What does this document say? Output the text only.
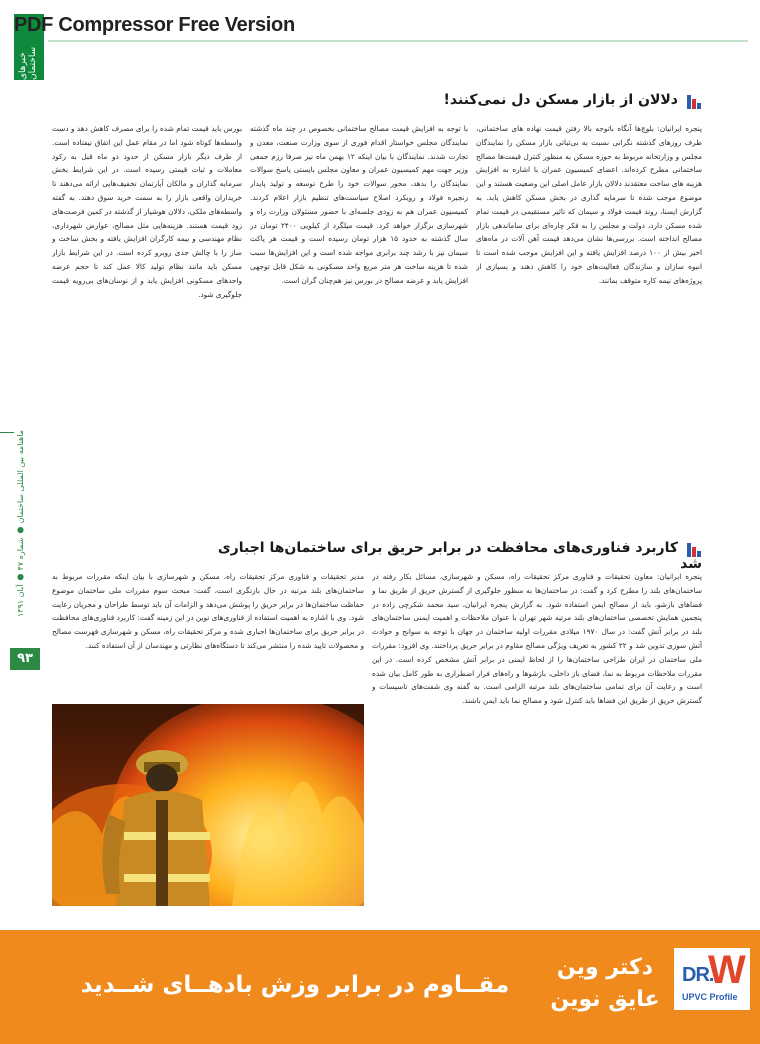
خبرهای ساختمان
PDF Compressor Free Version
ماهنامه بین المللی ساختمان ● شماره ۴۷ ● آبان ۱۳۹۱
۹۳
دلالان از بازار مسکن دل نمی‌کنند!
پنجره ایرانیان: بلوچ‌ها آنگاه باتوجه بالا رفتن قیمت نهاده های ساختمانی، ظرف روزهای گذشته نگرانی نسبت به بی‌ثباتی بازار مسکن را نمایندگان مجلس و وزارتخانه مربوط به حوزه مسکن به منظور کنترل قیمت‌ها مصالح ساختمانی مطرح کرده‌اند. اعضای کمیسیون عمران با اشاره به افزایش هزینه های ساخت معتقدند دلالان بازار عامل اصلی این وضعیت هستند و این موضوع موجب شده تا سرمایه گذاری در بخش مسکن کاهش یابد. به گزارش ایسنا، روند قیمت فولاد و سیمان که تاثیر مستقیمی در قیمت تمام شده مسکن دارد، دولت و مجلس را به فکر چاره‌ای برای ساماندهی بازار مصالح انداخته است. بررسی‌ها نشان می‌دهد قیمت آهن آلات در ماه‌های اخیر بیش از ۱۰۰ درصد افزایش یافته و این افزایش موجب شده است تا انبوه سازان و سازندگان فعالیت‌های خود را کاهش دهند و بسیاری از پروژه‌های نیمه کاره متوقف بمانند.
با توجه به افزایش قیمت مصالح ساختمانی بخصوص در چند ماه گذشته نمایندگان مجلس خواستار اقدام فوری از سوی وزارت صنعت، معدن و تجارت شدند. نمایندگان با بیان اینکه ۱۲ بهمن ماه نیز صرفا رزم جمعی وزیر جهت مهم کمیسیون عمران و معاون مجلس بایستی پاسخ سوالات نمایندگان را بدهد، محور سوالات خود را طرح توسعه و تولید پایدار زنجیره فولاد و رویکرد اصلاح سیاست‌های تنظیم بازار اعلام کردند. کمیسیون عمران هم به زودی جلسه‌ای با حضور مسئولان وزارت راه و شهرسازی برگزار خواهد کرد. قیمت میلگرد از کیلویی ۲۴۰۰ تومان در سال گذشته به حدود ۱۵ هزار تومان رسیده است و قیمت هر پاکت سیمان نیز با رشد چند برابری مواجه شده است و این افزایش‌ها سبب شده تا هزینه ساخت هر متر مربع واحد مسکونی به شکل قابل توجهی افزایش یابد و عرضه مصالح در بورس نیز هم‌چنان گران است.
بورس باید قیمت تمام شده را برای مصرف کاهش دهد و دست واسطه‌ها کوتاه شود اما در مقام عمل این اتفاق نیفتاده است. از طرف دیگر بازار مسکن از حدود دو ماه قبل به رکود معاملات و ثبات قیمتی رسیده است. در این شرایط بخش سرمایه گذاران و مالکان آپارتمان تخفیف‌هایی ارائه می‌دهند تا خریداران واقعی بازار را به سمت خرید سوق دهند. به گفته واسطه‌های ملکی، دلالان هوشیار از گذشته در کمین فرصت‌های زود قیمت هستند. هزینه‌هایی مثل مصالح، عوارض شهرداری، نظام مهندسی و بیمه کارگران افزایش یافته و بخش ساخت و ساز را با چالش جدی روبرو کرده است. در این شرایط بازار مسکن باید مانند نظام تولید کالا عمل کند تا حجم عرضه واحدهای مسکونی افزایش یابد و از نوسان‌های بی‌رویه قیمت جلوگیری شود.
کاربرد فناوری‌های محافظت در برابر حریق برای ساختمان‌ها اجباری شد
پنجره ایرانیان: معاون تحقیقات و فناوری مرکز تحقیقات راه، مسکن و شهرسازی، مسائل بکار رفته در ساختمان‌های بلند را مطرح کرد و گفت: در ساختمان‌ها به منظور جلوگیری از گسترش حریق از طریق نما و فضاهای بازشو، باید از مصالح ایمن استفاده شود. به گزارش پنجره ایرانیان، سید محمد شکرچی زاده در پنجمین همایش تخصصی ساختمان‌های بلند مرتبه شهر تهران با عنوان ملاحظات و اهمیت ایمنی ساختمان‌های بلند در برابر آتش گفت: در سال ۱۹۷۰ میلادی مقررات اولیه ساختمان در جهان با توجه به سوانح و حوادث آتش سوزی تدوین شد و ۲۲ کشور به تعریف ویژگی مصالح مقاوم در برابر حریق پرداختند. وی افزود: مقررات ملی ساختمان در ایران طراحی ساختمان‌ها را از لحاظ ایمنی در برابر آتش مشخص کرده است. در این مقررات ملاحظات مربوط به نما، فضای باز داخلی، بازشوها و راه‌های فرار اضطراری به طور کامل بیان شده است و رعایت آن برای تمامی ساختمان‌های بلند مرتبه الزامی است. به گفته وی شفت‌های تاسیسات و گسترش حریق از طریق این فضاها باید کنترل شود و مصالح نما باید ایمن باشند.
مدیر تحقیقات و فناوری مرکز تحقیقات راه، مسکن و شهرسازی با بیان اینکه مقررات مربوط به ساختمان‌های بلند مرتبه در حال بازنگری است، گفت: مبحث سوم مقررات ملی ساختمان موضوع حفاظت ساختمان‌ها در برابر حریق را پوشش می‌دهد و الزامات آن باید توسط طراحان و مجریان رعایت شود. وی با اشاره به اهمیت استفاده از فناوری‌های نوین در این زمینه گفت: کاربرد فناوری‌های محافظت در برابر حریق برای ساختمان‌ها اجباری شده و مرکز تحقیقات راه، مسکن و شهرسازی فهرست مصالح و محصولات تایید شده را منتشر می‌کند تا دستگاه‌های نظارتی و مهندسان از آن استفاده کنند.
مقــاوم در برابر وزش بادهــای شــدید
دکتر وین
عایق نوین
DR.
W
UPVC Profile
